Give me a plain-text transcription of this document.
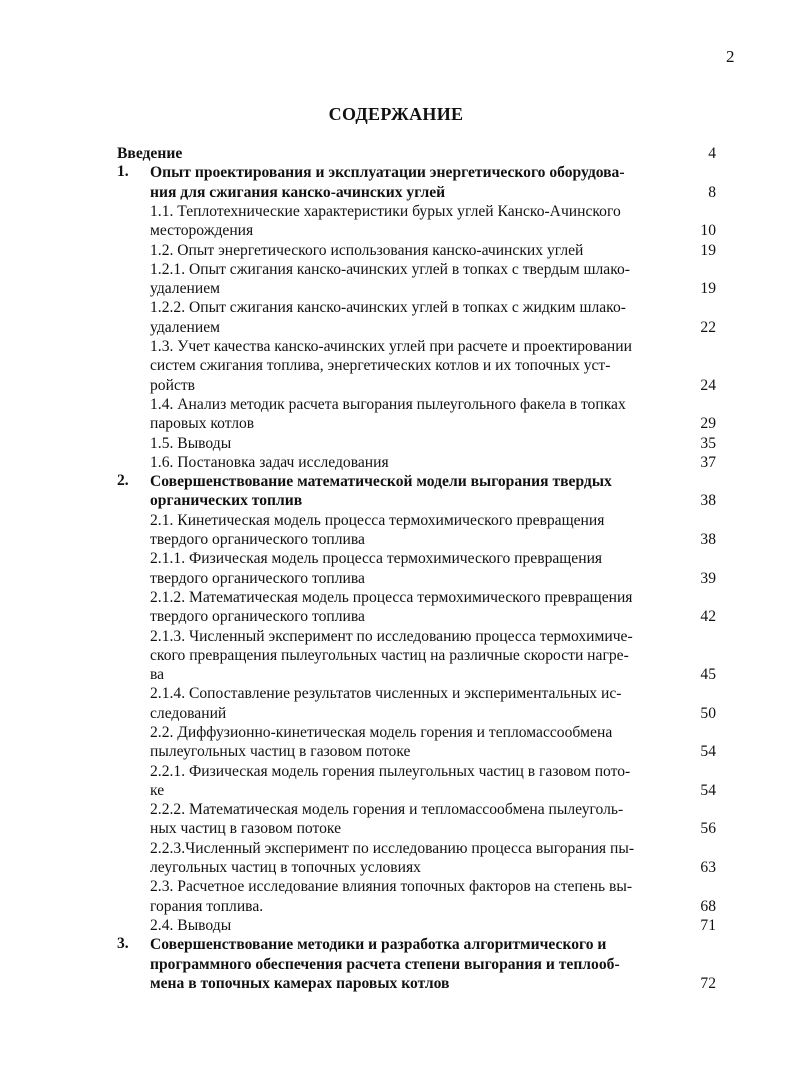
2
СОДЕРЖАНИЕ
Введение	4
1. Опыт проектирования и эксплуатации энергетического оборудова-
ния для сжигания канско-ачинских углей	8
1.1. Теплотехнические характеристики бурых углей Канско-Ачинского
месторождения	10
1.2. Опыт энергетического использования канско-ачинских углей	19
1.2.1. Опыт сжигания канско-ачинских углей в топках с твердым шлако-
удалением	19
1.2.2. Опыт сжигания канско-ачинских углей в топках с жидким шлако-
удалением	22
1.3. Учет качества канско-ачинских углей при расчете и проектировании
систем сжигания топлива, энергетических котлов и их топочных уст-
ройств	24
1.4. Анализ методик расчета выгорания пылеугольного факела в топках
паровых котлов	29
1.5. Выводы	35
1.6. Постановка задач исследования	37
2. Совершенствование математической модели выгорания твердых
органических топлив	38
2.1. Кинетическая модель процесса термохимического превращения
твердого органического топлива	38
2.1.1. Физическая модель процесса термохимического превращения
твердого органического топлива	39
2.1.2. Математическая модель процесса термохимического превращения
твердого органического топлива	42
2.1.3. Численный эксперимент по исследованию процесса термохимиче-
ского превращения пылеугольных частиц на различные скорости нагре-
ва	45
2.1.4. Сопоставление результатов численных и экспериментальных ис-
следований	50
2.2. Диффузионно-кинетическая модель горения и тепломассообмена
пылеугольных частиц в газовом потоке	54
2.2.1. Физическая модель горения пылеугольных частиц в газовом пото-
ке	54
2.2.2. Математическая модель горения и тепломассообмена пылеуголь-
ных частиц в газовом потоке	56
2.2.3.Численный эксперимент по исследованию процесса выгорания пы-
леугольных частиц в топочных условиях	63
2.3. Расчетное исследование влияния топочных факторов на степень вы-
горания топлива.	68
2.4. Выводы	71
3. Совершенствование методики и разработка алгоритмического и
программного обеспечения расчета степени выгорания и теплооб-
мена в топочных камерах паровых котлов	72
